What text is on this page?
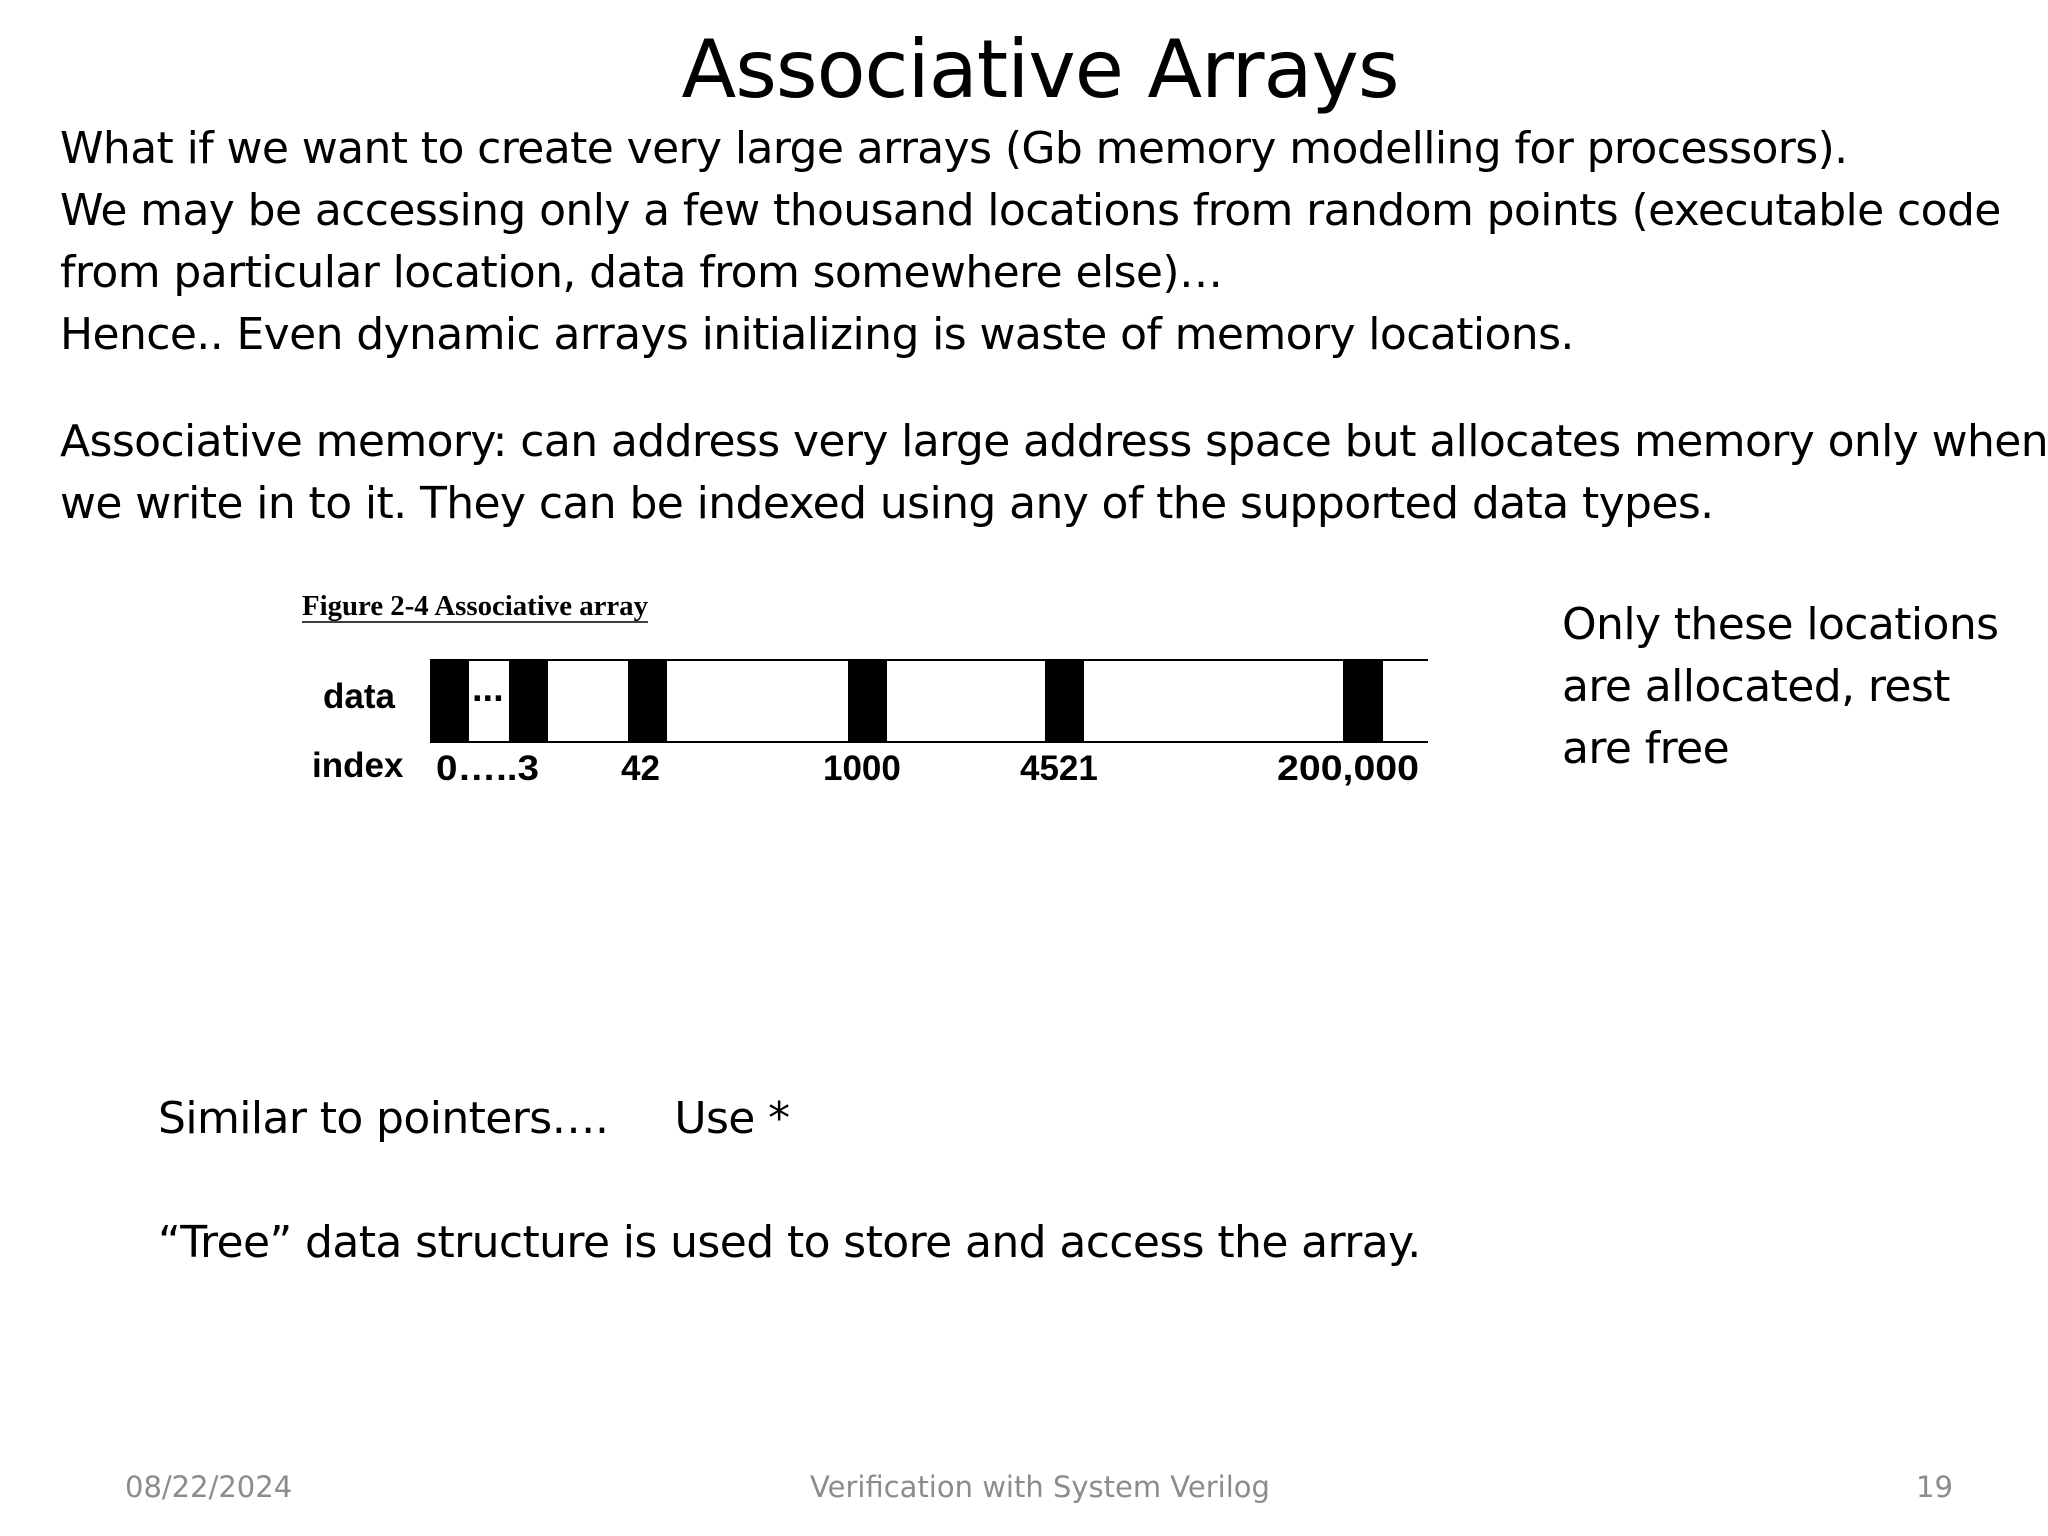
Associative Arrays
What if we want to create very large arrays (Gb memory modelling for processors).
We may be accessing only a few thousand locations from random points (executable code
from particular location, data from somewhere else)…
Hence.. Even dynamic arrays initializing is waste of memory locations.
Associative memory: can address very large address space but allocates memory only when
we write in to it. They can be indexed using any of the supported data types.
Figure 2-4 Associative array
data
index
...
0…..3 42	1000	4521	200,000
Only these locations
are allocated, rest
are free
Similar to pointers…. Use *
“Tree” data structure is used to store and access the array.
08/22/2024	Verification with System Verilog	19
